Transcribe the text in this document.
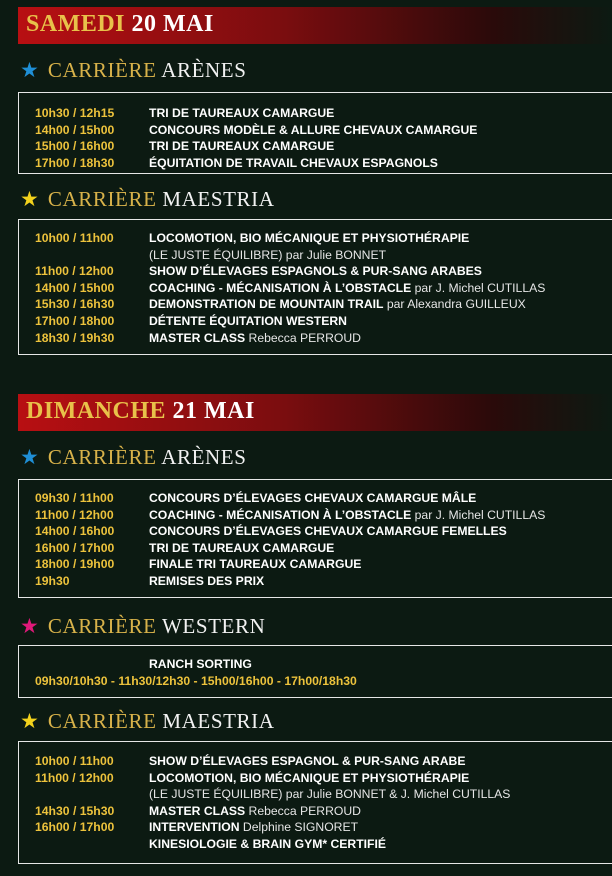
SAMEDI 20 MAI
★ CARRIÈRE ARÈNES
10h30 / 12h15	TRI DE TAUREAUX CAMARGUE
14h00 / 15h00	CONCOURS MODÈLE & ALLURE CHEVAUX CAMARGUE
15h00 / 16h00	TRI DE TAUREAUX CAMARGUE
17h00 / 18h30	ÉQUITATION DE TRAVAIL CHEVAUX ESPAGNOLS
★ CARRIÈRE MAESTRIA
10h00 / 11h00	LOCOMOTION, BIO MÉCANIQUE ET PHYSIOTHÉRAPIE
(LE JUSTE ÉQUILIBRE) par Julie BONNET
11h00 / 12h00	SHOW D’ÉLEVAGES ESPAGNOLS & PUR-SANG ARABES
14h00 / 15h00	COACHING - MÉCANISATION À L’OBSTACLE par J. Michel CUTILLAS
15h30 / 16h30	DEMONSTRATION DE MOUNTAIN TRAIL par Alexandra GUILLEUX
17h00 / 18h00	DÉTENTE ÉQUITATION WESTERN
18h30 / 19h30	MASTER CLASS Rebecca PERROUD
DIMANCHE 21 MAI
★ CARRIÈRE ARÈNES
09h30 / 11h00	CONCOURS D’ÉLEVAGES CHEVAUX CAMARGUE MÂLE
11h00 / 12h00	COACHING - MÉCANISATION À L’OBSTACLE par J. Michel CUTILLAS
14h00 / 16h00	CONCOURS D’ÉLEVAGES CHEVAUX CAMARGUE FEMELLES
16h00 / 17h00	TRI DE TAUREAUX CAMARGUE
18h00 / 19h00	FINALE TRI TAUREAUX CAMARGUE
19h30	REMISES DES PRIX
★ CARRIÈRE WESTERN
RANCH SORTING
09h30/10h30 - 11h30/12h30 - 15h00/16h00 - 17h00/18h30
★ CARRIÈRE MAESTRIA
10h00 / 11h00	SHOW D’ÉLEVAGES ESPAGNOL & PUR-SANG ARABE
11h00 / 12h00	LOCOMOTION, BIO MÉCANIQUE ET PHYSIOTHÉRAPIE
(LE JUSTE ÉQUILIBRE) par Julie BONNET & J. Michel CUTILLAS
14h30 / 15h30	MASTER CLASS Rebecca PERROUD
16h00 / 17h00	INTERVENTION Delphine SIGNORET
KINESIOLOGIE & BRAIN GYM* CERTIFIÉ
